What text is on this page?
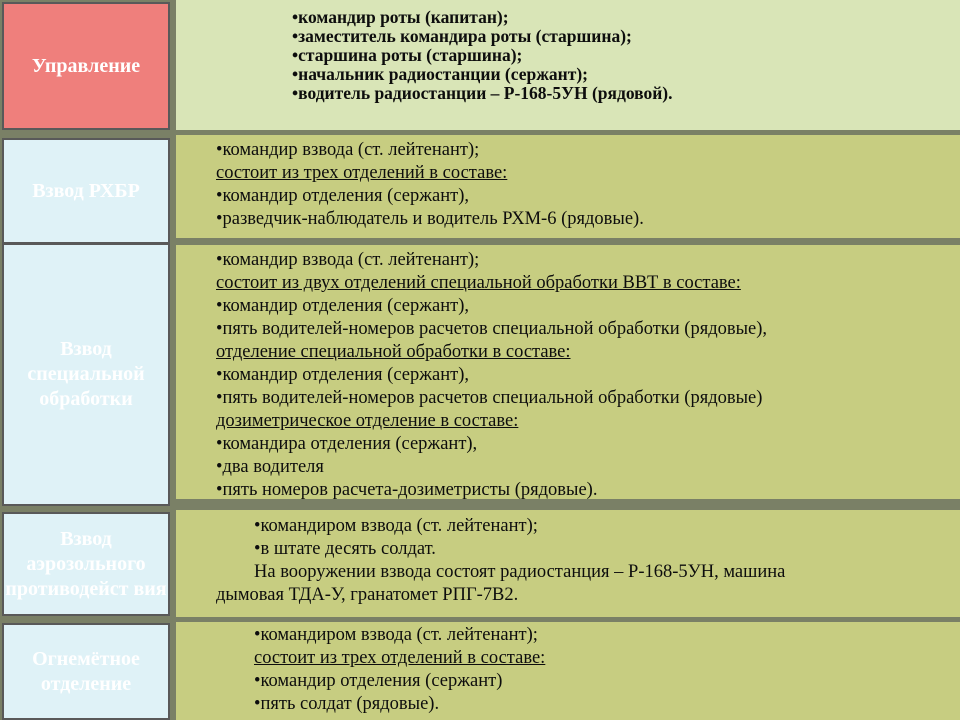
Управление
•командир роты (капитан);
•заместитель командира роты (старшина);
•старшина роты (старшина);
•начальник радиостанции (сержант);
•водитель радиостанции – Р-168-5УН (рядовой).
Взвод РХБР
•командир взвода (ст. лейтенант);
состоит из трех отделений в составе:
•командир отделения (сержант),
•разведчик-наблюдатель и водитель РХМ-6 (рядовые).
Взвод специальной обработки
•командир взвода (ст. лейтенант);
состоит из двух отделений специальной обработки ВВТ в составе:
•командир отделения (сержант),
•пять водителей-номеров расчетов специальной обработки (рядовые),
отделение специальной обработки в составе:
•командир отделения (сержант),
•пять водителей-номеров расчетов специальной обработки (рядовые)
дозиметрическое отделение в составе:
•командира отделения (сержант),
•два водителя
•пять номеров расчета-дозиметристы (рядовые).
Взвод аэрозольного противодейст вия
•командиром взвода (ст. лейтенант);
•в штате десять солдат.
На вооружении взвода состоят радиостанция – Р-168-5УН, машина
дымовая ТДА-У, гранатомет РПГ-7В2.
Огнемётное отделение
•командиром взвода (ст. лейтенант);
состоит из трех отделений в составе:
•командир отделения (сержант)
•пять солдат (рядовые).
